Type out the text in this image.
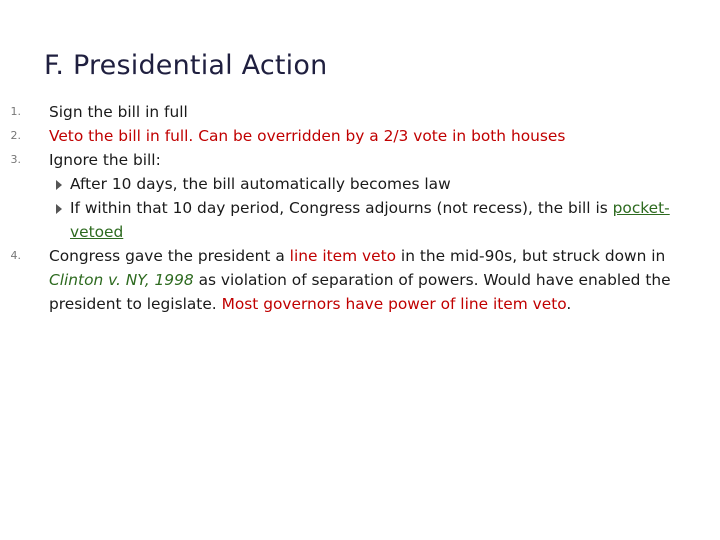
F. Presidential Action
1. Sign the bill in full
2. Veto the bill in full. Can be overridden by a 2/3 vote in both houses
3. Ignore the bill:
After 10 days, the bill automatically becomes law
If within that 10 day period, Congress adjourns (not recess), the bill is pocket-vetoed
4. Congress gave the president a line item veto in the mid-90s, but struck down in Clinton v. NY, 1998 as violation of separation of powers. Would have enabled the president to legislate. Most governors have power of line item veto.
